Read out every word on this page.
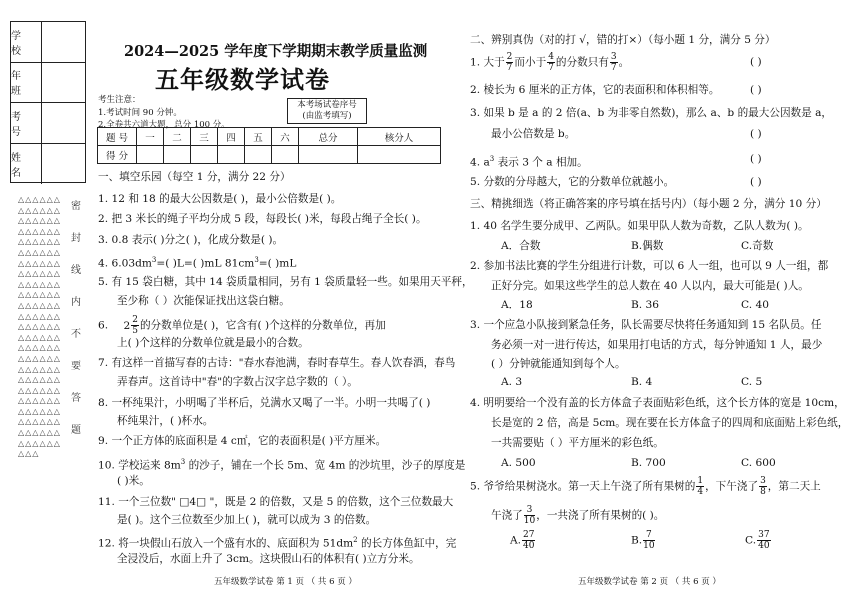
学 校
年 班
考 号
姓 名
△△△△△△△△△△△△△△△△△△△△△△△△△△△△△△△△△△△△△△△△△△△△△△△△△△△△△△△△△△△△△△△△△△△△△△△△△△△△△△△△△△△△△△△△△△△△△△△△△△△△△△△△△△△△△△△△△△△△△△△△△△△△△△△△△△△△△△△△△△△△△△△△△△△
密
封
线
内
不
要
答
题
2024—2025 学年度下学期期末教学质量监测
五年级数学试卷
考生注意：
1.考试时间 90 分钟。
2.全卷共六道大题，总分 100 分。
本考场试卷序号
(由监考填写)
题 号	一	二	三	四	五	六	总分	核分人
得 分								
一、填空乐园（每空 1 分，满分 22 分）
1. 12 和 18 的最大公因数是( )，最小公倍数是( )。
2. 把 3 米长的绳子平均分成 5 段，每段长( )米，每段占绳子全长( )。
3. 0.8 表示( )分之( )，化成分数是( )。
4. $6.03dm^3=$( )L=( )mL $81cm^3=$( )mL
5. 有 15 袋白糖，其中 14 袋质量相同，另有 1 袋质量轻一些。如果用天平秤，
至少称（ ）次能保证找出这袋白糖。
6. $2 \frac{2}{5}$ 的分数单位是( )，它含有( )个这样的分数单位，再加
上( )个这样的分数单位就是最小的合数。
7. 有这样一首描写春的古诗："春水春池满，春时春草生。春人饮春酒，春鸟
弄春声。这首诗中"春"的字数占汉字总字数的（ ）。
8. 一杯纯果汁，小明喝了半杯后，兑满水又喝了一半。小明一共喝了( )
杯纯果汁，( )杯水。
9. 一个正方体的底面积是 4 c㎡，它的表面积是( )平方厘米。
10. 学校运来 $8m^3$ 的沙子，铺在一个长 5m、宽 4m 的沙坑里，沙子的厚度是
( )米。
11. 一个三位数" □4□ "，既是 2 的倍数，又是 5 的倍数，这个三位数最大
是( )。这个三位数至少加上( )，就可以成为 3 的倍数。
12. 将一块假山石放入一个盛有水的、底面积为 $51dm^2$ 的长方体鱼缸中，完
全浸没后，水面上升了 3cm。这块假山石的体积有( )立方分米。
五年级数学试卷 第 1 页 （ 共 6 页 ）
二、辨别真伪（对的打 √，错的打×）（每小题 1 分，满分 5 分）
1. 大于 $\frac{2}{7}$ 而小于 $\frac{4}{7}$ 的分数只有 $\frac{3}{7}$ 。	( )
2. 棱长为 6 厘米的正方体，它的表面积和体积相等。	( )
3. 如果 b 是 a 的 2 倍(a、b 为非零自然数)，那么 a、b 的最大公因数是 a，
最小公倍数是 b。	( )
4. $a^3$ 表示 3 个 a 相加。	( )
5. 分数的分母越大，它的分数单位就越小。	( )
三、精挑细选（将正确答案的序号填在括号内）（每小题 2 分，满分 10 分）
1. 40 名学生要分成甲、乙两队。如果甲队人数为奇数，乙队人数为( )。
A．合数	B.偶数	C.奇数
2. 参加书法比赛的学生分组进行计数，可以 6 人一组，也可以 9 人一组，都
正好分完。如果这些学生的总人数在 40 人以内，最大可能是( )人。
A．18	B. 36	C. 40
3. 一个应急小队接到紧急任务，队长需要尽快将任务通知到 15 名队员。任
务必须一对一进行传达，如果用打电话的方式，每分钟通知 1 人，最少
( ）分钟就能通知到每个人。
A. 3	B. 4	C. 5
4. 明明要给一个没有盖的长方体盒子表面贴彩色纸，这个长方体的宽是 10cm，
长是宽的 2 倍，高是 5cm。现在要在长方体盒子的四周和底面贴上彩色纸，
一共需要贴（ ）平方厘米的彩色纸。
A. 500	B. 700	C. 600
5. 爷爷给果树浇水。第一天上午浇了所有果树的 $\frac{1}{4}$ ，下午浇了 $\frac{3}{8}$ ，第二天上
午浇了 $\frac{3}{10}$ ，一共浇了所有果树的( )。
A. $\frac{27}{40}$	B. $\frac{7}{10}$	C. $\frac{37}{40}$
五年级数学试卷 第 2 页 （ 共 6 页 ）
